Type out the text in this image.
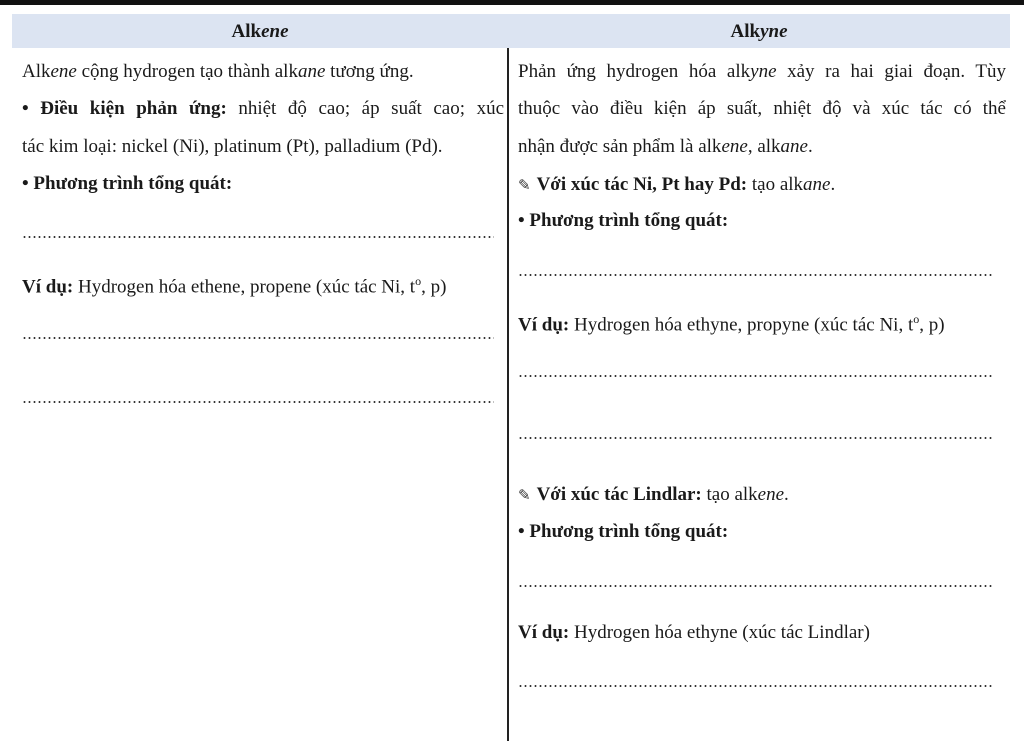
Alkene	Alkyne
Alkene cộng hydrogen tạo thành alkane tương ứng.
• Điều kiện phản ứng: nhiệt độ cao; áp suất cao; xúc
tác kim loại: nickel (Ni), platinum (Pt), palladium (Pd).
• Phương trình tổng quát:
Ví dụ: Hydrogen hóa ethene, propene (xúc tác Ni, $t^o$, p)
Phản ứng hydrogen hóa alkyne xảy ra hai giai đoạn. Tùy
thuộc vào điều kiện áp suất, nhiệt độ và xúc tác có thể
nhận được sản phẩm là alkene, alkane.
✎ Với xúc tác Ni, Pt hay Pd: tạo alkane.
• Phương trình tổng quát:
Ví dụ: Hydrogen hóa ethyne, propyne (xúc tác Ni, $t^o$, p)
✎ Với xúc tác Lindlar: tạo alkene.
• Phương trình tổng quát:
Ví dụ: Hydrogen hóa ethyne (xúc tác Lindlar)
